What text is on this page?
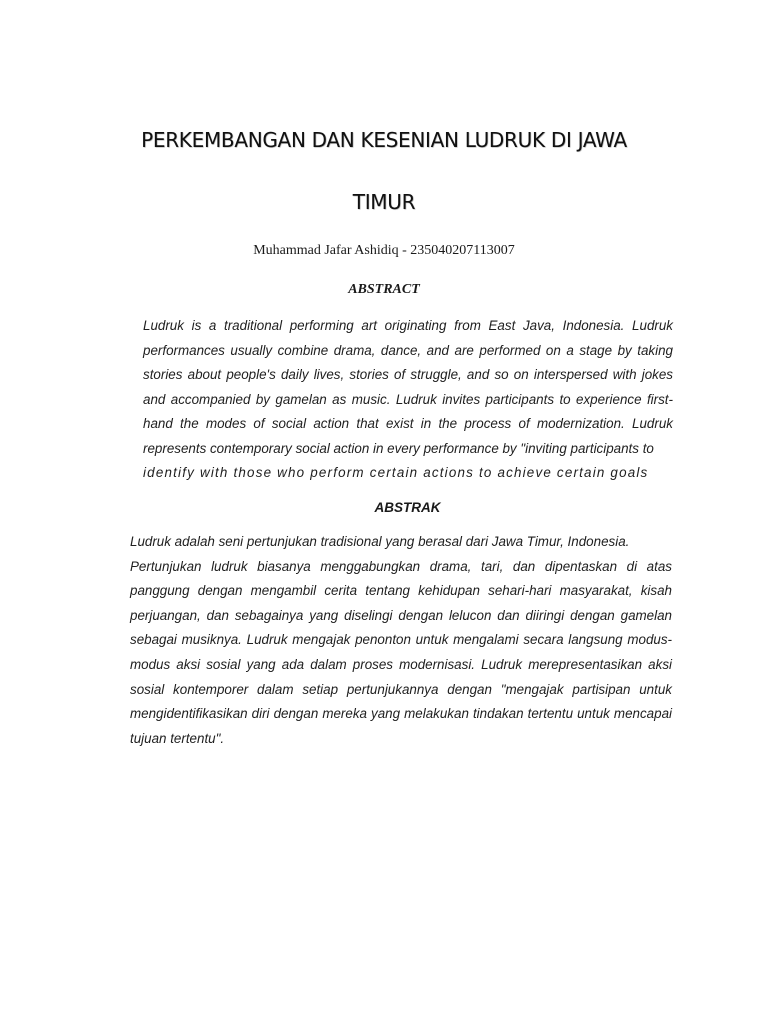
PERKEMBANGAN DAN KESENIAN LUDRUK DI JAWA
TIMUR
Muhammad Jafar Ashidiq - 235040207113007
ABSTRACT

Ludruk is a traditional performing art originating from East Java, Indonesia. Ludruk performances usually combine drama, dance, and are performed on a stage by taking stories about people's daily lives, stories of struggle, and so on interspersed with jokes and accompanied by gamelan as music. Ludruk invites participants to experience first-hand the modes of social action that exist in the process of modernization. Ludruk represents contemporary social action in every performance by "inviting participants to
identify with those who perform certain actions to achieve certain goals

ABSTRAK

Ludruk adalah seni pertunjukan tradisional yang berasal dari Jawa Timur, Indonesia.

Pertunjukan ludruk biasanya menggabungkan drama, tari, dan dipentaskan di atas panggung dengan mengambil cerita tentang kehidupan sehari-hari masyarakat, kisah perjuangan, dan sebagainya yang diselingi dengan lelucon dan diiringi dengan gamelan sebagai musiknya. Ludruk mengajak penonton untuk mengalami secara langsung modus-modus aksi sosial yang ada dalam proses modernisasi. Ludruk merepresentasikan aksi sosial kontemporer dalam setiap pertunjukannya dengan "mengajak partisipan untuk mengidentifikasikan diri dengan mereka yang melakukan tindakan tertentu untuk mencapai tujuan tertentu".
